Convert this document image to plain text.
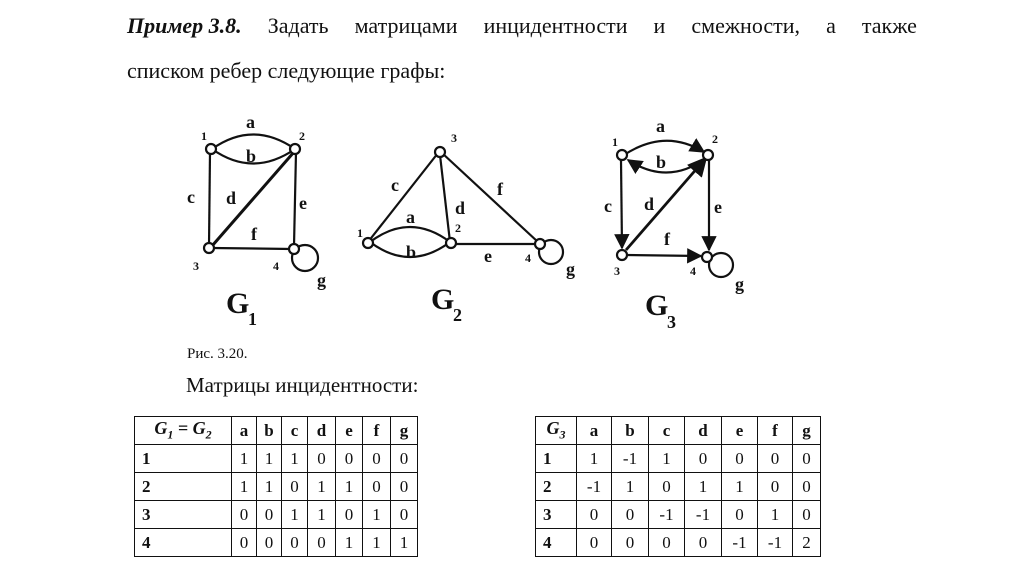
Пример 3.8. Задать матрицами инцидентности и смежности, а также
списком ребер следующие графы:
1	2
3	4
a
b
c d	e
f
g
G
1
3
1	2
4
a
b
c
d
e
f
g
G
2
1	2
3	4
a
b
c d	e
f
g
G
3
Рис. 3.20.
Матрицы инцидентности:
$G_1 = G_2$	a	b	c	d	e	f	g
1	1	1	1	0	0	0	0
2	1	1	0	1	1	0	0
3	0	0	1	1	0	1	0
4	0	0	0	0	1	1	1
$G_3$	a	b	c	d	e	f	g
1	1	-1	1	0	0	0	0
2	-1	1	0	1	1	0	0
3	0	0	-1	-1	0	1	0
4	0	0	0	0	-1	-1	2
